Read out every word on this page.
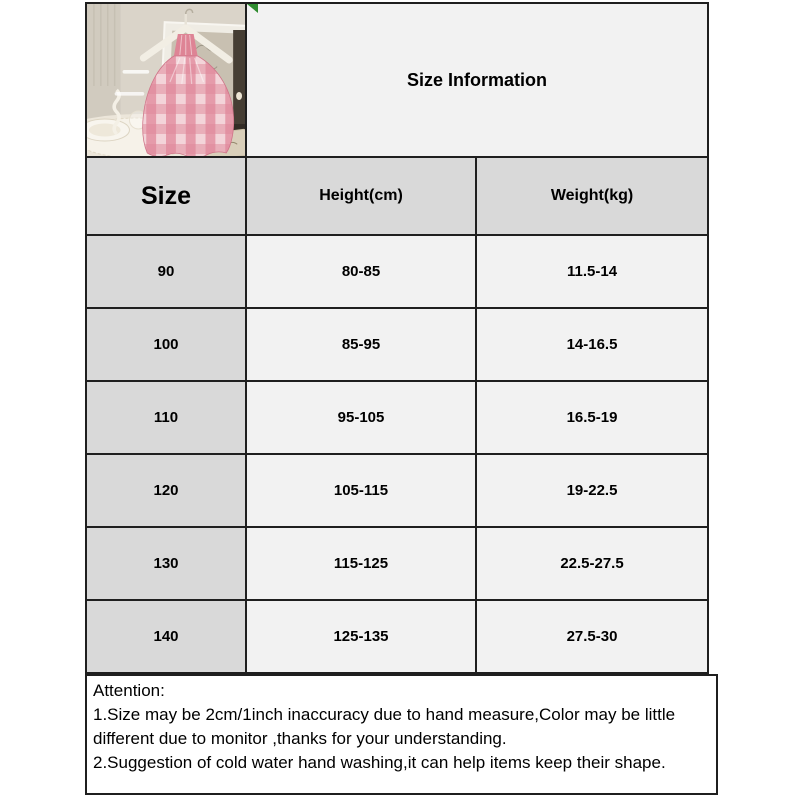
Size Information	
Size	Height(cm)	Weight(kg)
90	80-85	11.5-14
100	85-95	14-16.5
110	95-105	16.5-19
120	105-115	19-22.5
130	115-125	22.5-27.5
140	125-135	27.5-30

Attention:

1.Size may be 2cm/1inch inaccuracy due to hand measure,Color may be little different due to monitor ,thanks for your understanding.

2.Suggestion of cold water hand washing,it can help items keep their shape.
